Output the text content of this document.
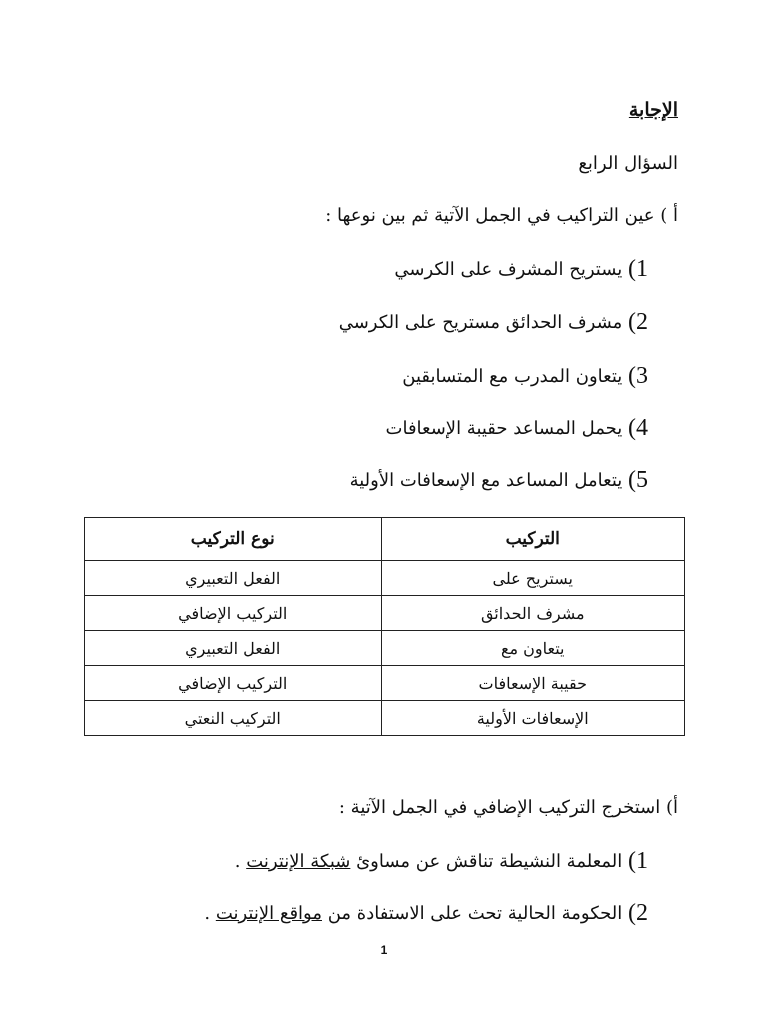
الإجابة
السؤال الرابع
أ ) عين التراكيب في الجمل الآتية ثم بين نوعها :
1) يستريح المشرف على الكرسي
2) مشرف الحدائق مستريح على الكرسي
3) يتعاون المدرب مع المتسابقين
4) يحمل المساعد حقيبة الإسعافات
5) يتعامل المساعد مع الإسعافات الأولية
التركيب	نوع التركيب
يستريح على	الفعل التعبيري
مشرف الحدائق	التركيب الإضافي
يتعاون مع	الفعل التعبيري
حقيبة الإسعافات	التركيب الإضافي
الإسعافات الأولية	التركيب النعتي
أ) استخرج التركيب الإضافي في الجمل الآتية :
1) المعلمة النشيطة تناقش عن مساوئ شبكة الإنترنت .
2) الحكومة الحالية تحث على الاستفادة من مواقع الإنترنت .
1
